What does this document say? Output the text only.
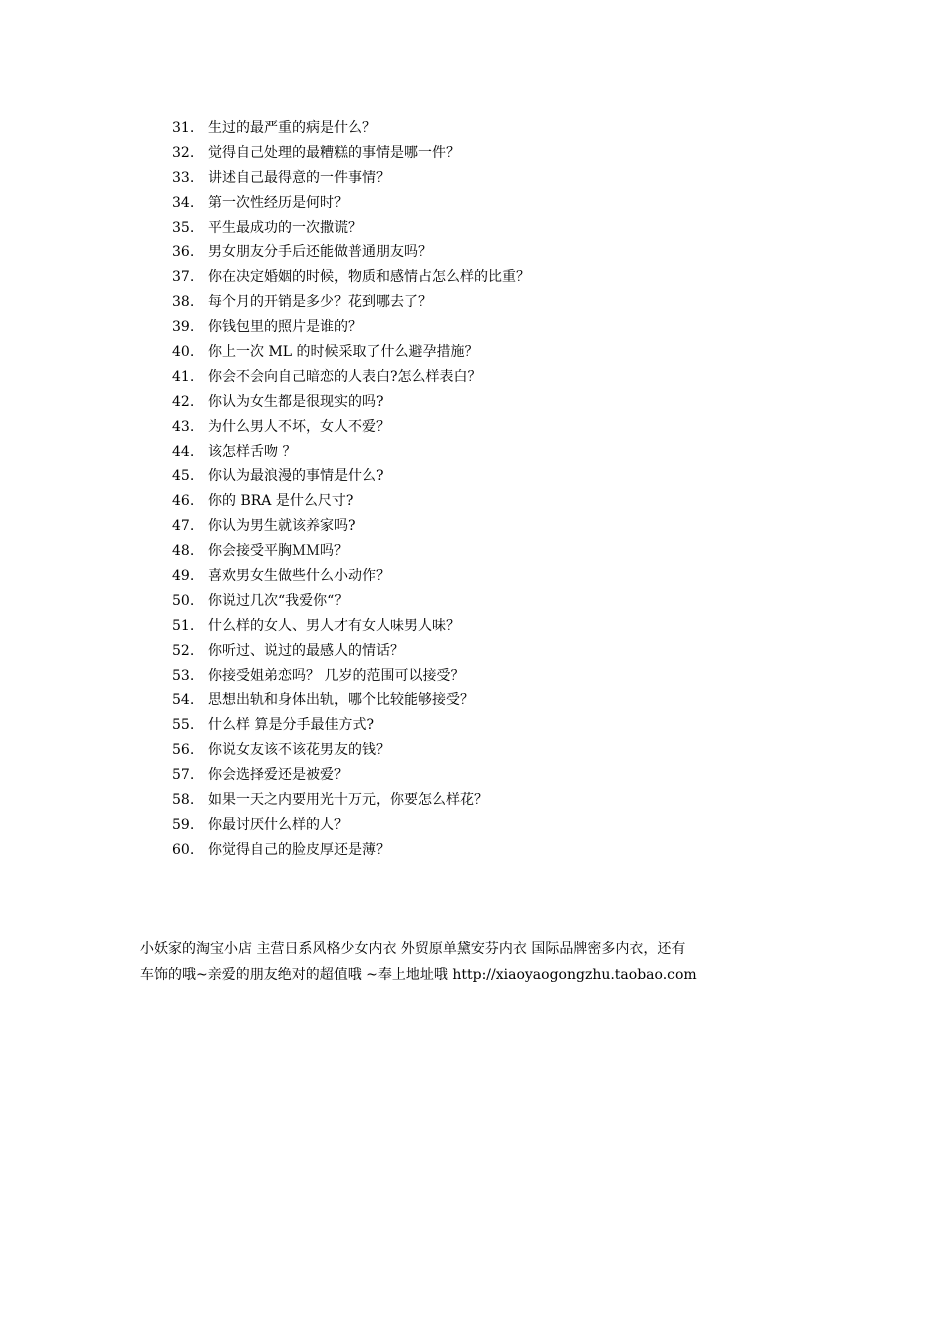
31. 生过的最严重的病是什么？
32. 觉得自己处理的最糟糕的事情是哪一件？
33. 讲述自己最得意的一件事情？
34. 第一次性经历是何时？
35. 平生最成功的一次撒谎？
36. 男女朋友分手后还能做普通朋友吗？
37. 你在决定婚姻的时候，物质和感情占怎么样的比重？
38. 每个月的开销是多少？花到哪去了？
39. 你钱包里的照片是谁的？
40. 你上一次 ML 的时候采取了什么避孕措施？
41. 你会不会向自己暗恋的人表白?怎么样表白？
42. 你认为女生都是很现实的吗?
43. 为什么男人不坏，女人不爱？
44. 该怎样舌吻 ？
45. 你认为最浪漫的事情是什么?
46. 你的 BRA 是什么尺寸?
47. 你认为男生就该养家吗?
48. 你会接受平胸ＭＭ吗？
49. 喜欢男女生做些什么小动作？
50. 你说过几次“我爱你“？
51. 什么样的女人、男人才有女人味男人味？
52. 你听过、说过的最感人的情话？
53. 你接受姐弟恋吗？ 几岁的范围可以接受？
54. 思想出轨和身体出轨，哪个比较能够接受？
55. 什么样 算是分手最佳方式?
56. 你说女友该不该花男友的钱？
57. 你会选择爱还是被爱？
58. 如果一天之内要用光十万元，你要怎么样花？
59. 你最讨厌什么样的人？
60. 你觉得自己的脸皮厚还是薄？
小妖家的淘宝小店 主营日系风格少女内衣 外贸原单黛安芬内衣 国际品牌密多内衣，还有
车饰的哦~亲爱的朋友绝对的超值哦 ~奉上地址哦 http://xiaoyaogongzhu.taobao.com
